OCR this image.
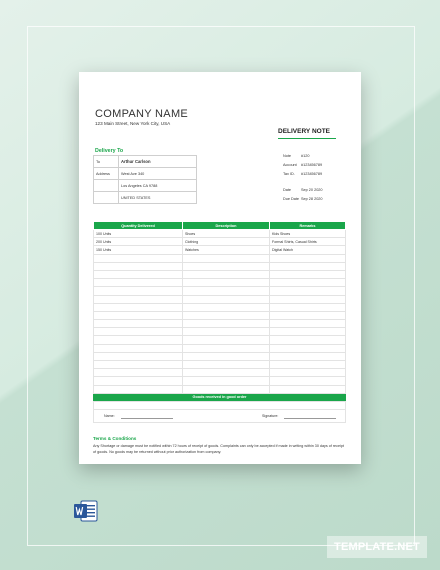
COMPANY NAME
123 Main Street, New York City, USA
DELIVERY NOTE
Delivery To
To	Arthur Carlson
Address	West Ave 340
	Los Angeles CA 9788
	UNITED STATES
Note	#120
Account #123456789
Tax ID. #123456789
Date	Sep 20 2020
Due Date Sep 28 2020
Quantity Delivered	Description	Remarks
100 Units	Shoes	Kids Shoes
200 Units	Clothing	Formal Shirts, Casual Shirts
150 Units	Watches	Digital Watch

Goods received in good order
Name:	Signature:
Terms & Conditions
Any Shortage or damage must be notified within 72 hours of receipt of goods. Complaints can only be accepted if made in writing within 30 days of receipt of goods. No goods may be returned without prior authorization from company.
TEMPLATE.NET
